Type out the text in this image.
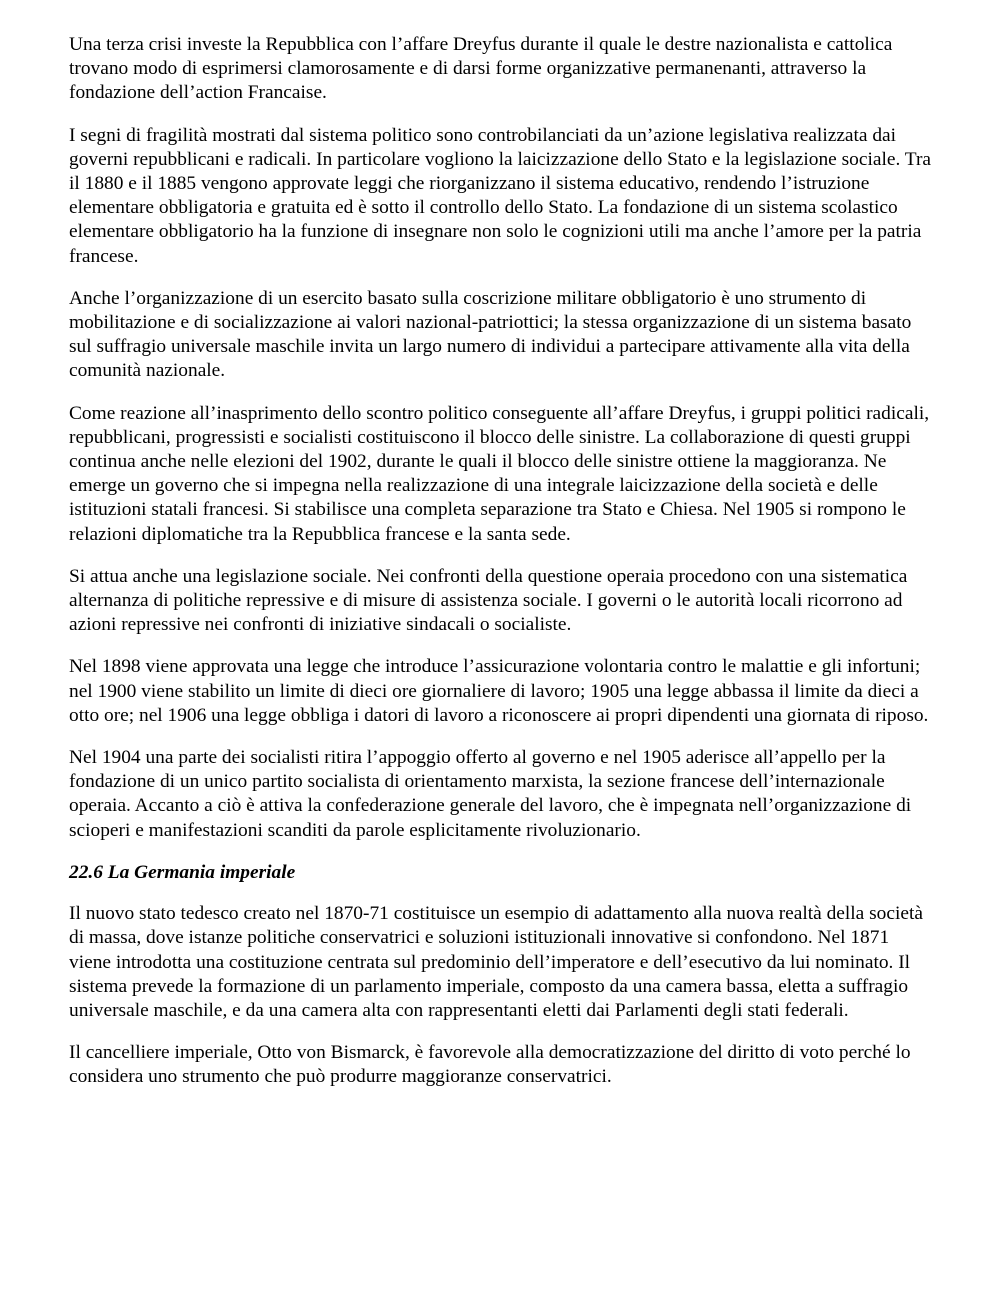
Una terza crisi investe la Repubblica con l’affare Dreyfus durante il quale le destre nazionalista e cattolica trovano modo di esprimersi clamorosamente e di darsi forme organizzative permanenanti, attraverso la fondazione dell’action Francaise.

I segni di fragilità mostrati dal sistema politico sono controbilanciati da un’azione legislativa realizzata dai governi repubblicani e radicali. In particolare vogliono la laicizzazione dello Stato e la legislazione sociale. Tra il 1880 e il 1885 vengono approvate leggi che riorganizzano il sistema educativo, rendendo l’istruzione elementare obbligatoria e gratuita ed è sotto il controllo dello Stato. La fondazione di un sistema scolastico elementare obbligatorio ha la funzione di insegnare non solo le cognizioni utili ma anche l’amore per la patria francese.

Anche l’organizzazione di un esercito basato sulla coscrizione militare obbligatorio è uno strumento di mobilitazione e di socializzazione ai valori nazional-patriottici; la stessa organizzazione di un sistema basato sul suffragio universale maschile invita un largo numero di individui a partecipare attivamente alla vita della comunità nazionale.

Come reazione all’inasprimento dello scontro politico conseguente all’affare Dreyfus, i gruppi politici radicali, repubblicani, progressisti e socialisti costituiscono il blocco delle sinistre. La collaborazione di questi gruppi continua anche nelle elezioni del 1902, durante le quali il blocco delle sinistre ottiene la maggioranza. Ne emerge un governo che si impegna nella realizzazione di una integrale laicizzazione della società e delle istituzioni statali francesi. Si stabilisce una completa separazione tra Stato e Chiesa. Nel 1905 si rompono le relazioni diplomatiche tra la Repubblica francese e la santa sede.

Si attua anche una legislazione sociale. Nei confronti della questione operaia procedono con una sistematica alternanza di politiche repressive e di misure di assistenza sociale. I governi o le autorità locali ricorrono ad azioni repressive nei confronti di iniziative sindacali o socialiste.

Nel 1898 viene approvata una legge che introduce l’assicurazione volontaria contro le malattie e gli infortuni; nel 1900 viene stabilito un limite di dieci ore giornaliere di lavoro; 1905 una legge abbassa il limite da dieci a otto ore; nel 1906 una legge obbliga i datori di lavoro a riconoscere ai propri dipendenti una giornata di riposo.

Nel 1904 una parte dei socialisti ritira l’appoggio offerto al governo e nel 1905 aderisce all’appello per la fondazione di un unico partito socialista di orientamento marxista, la sezione francese dell’internazionale operaia. Accanto a ciò è attiva la confederazione generale del lavoro, che è impegnata nell’organizzazione di scioperi e manifestazioni scanditi da parole esplicitamente rivoluzionario.

22.6 La Germania imperiale

Il nuovo stato tedesco creato nel 1870-71 costituisce un esempio di adattamento alla nuova realtà della società di massa, dove istanze politiche conservatrici e soluzioni istituzionali innovative si confondono. Nel 1871 viene introdotta una costituzione centrata sul predominio dell’imperatore e dell’esecutivo da lui nominato. Il sistema prevede la formazione di un parlamento imperiale, composto da una camera bassa, eletta a suffragio universale maschile, e da una camera alta con rappresentanti eletti dai Parlamenti degli stati federali.

Il cancelliere imperiale, Otto von Bismarck, è favorevole alla democratizzazione del diritto di voto perché lo considera uno strumento che può produrre maggioranze conservatrici.
